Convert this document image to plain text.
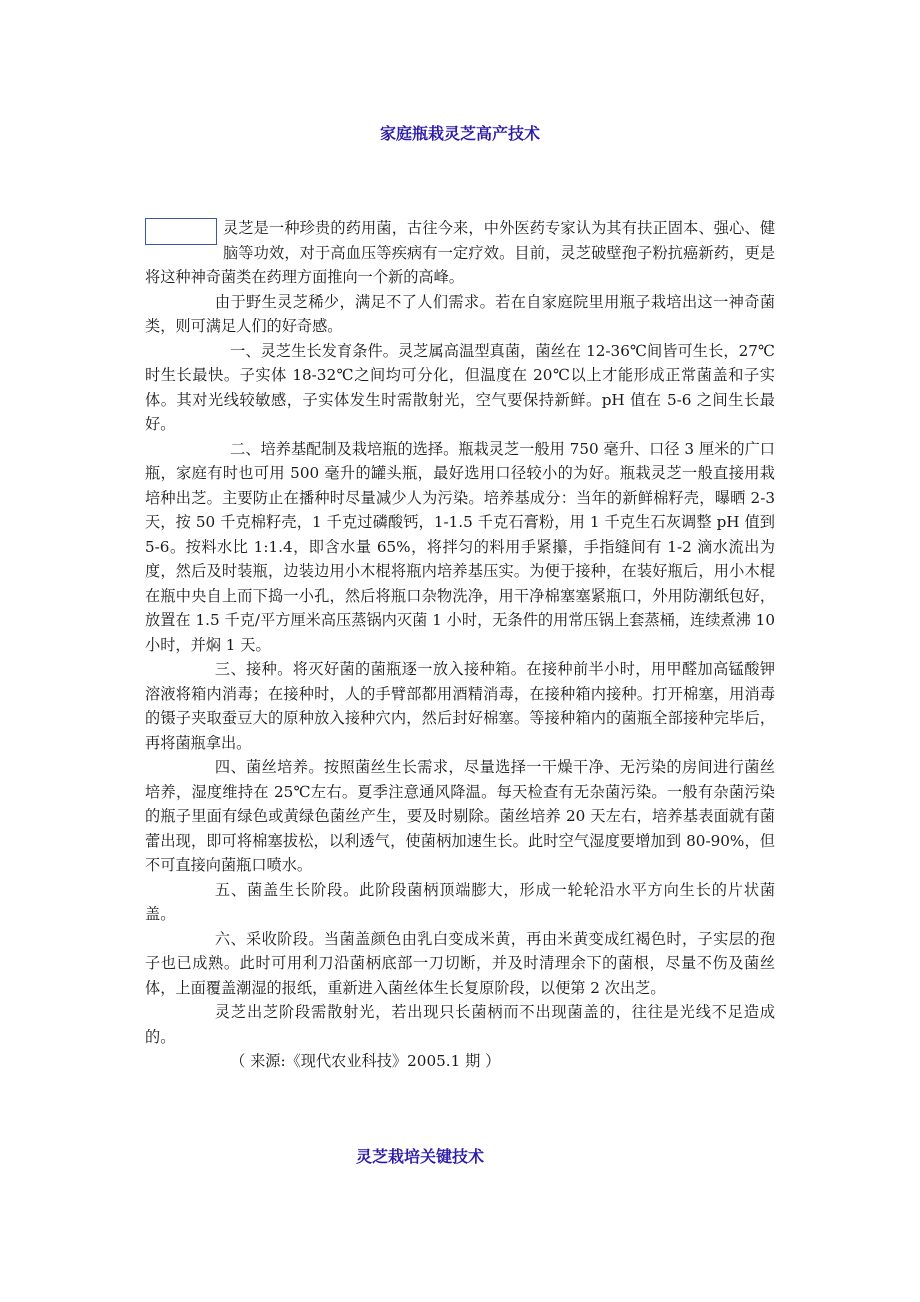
家庭瓶栽灵芝高产技术

灵芝是一种珍贵的药用菌，古往今来，中外医药专家认为其有扶正固本、强心、健脑等功效，对于高血压等疾病有一定疗效。目前，灵芝破壁孢子粉抗癌新药，更是将这种神奇菌类在药理方面推向一个新的高峰。

由于野生灵芝稀少，满足不了人们需求。若在自家庭院里用瓶子栽培出这一神奇菌类，则可满足人们的好奇感。

一、灵芝生长发育条件。灵芝属高温型真菌，菌丝在 12-36℃间皆可生长，27℃时生长最快。子实体 18-32℃之间均可分化，但温度在 20℃以上才能形成正常菌盖和子实体。其对光线较敏感，子实体发生时需散射光，空气要保持新鲜。pH 值在 5-6 之间生长最好。

二、培养基配制及栽培瓶的选择。瓶栽灵芝一般用 750 毫升、口径 3 厘米的广口瓶，家庭有时也可用 500 毫升的罐头瓶，最好选用口径较小的为好。瓶栽灵芝一般直接用栽培种出芝。主要防止在播种时尽量减少人为污染。培养基成分：当年的新鲜棉籽壳，曝晒 2-3 天，按 50 千克棉籽壳，1 千克过磷酸钙，1-1.5 千克石膏粉，用 1 千克生石灰调整 pH 值到 5-6。按料水比 1:1.4，即含水量 65%，将拌匀的料用手紧攥，手指缝间有 1-2 滴水流出为度，然后及时装瓶，边装边用小木棍将瓶内培养基压实。为便于接种，在装好瓶后，用小木棍在瓶中央自上而下捣一小孔，然后将瓶口杂物洗净，用干净棉塞塞紧瓶口，外用防潮纸包好，放置在 1.5 千克/平方厘米高压蒸锅内灭菌 1 小时，无条件的用常压锅上套蒸桶，连续煮沸 10 小时，并焖 1 天。

三、接种。将灭好菌的菌瓶逐一放入接种箱。在接种前半小时，用甲醛加高锰酸钾溶液将箱内消毒；在接种时，人的手臂部都用酒精消毒，在接种箱内接种。打开棉塞，用消毒的镊子夹取蚕豆大的原种放入接种穴内，然后封好棉塞。等接种箱内的菌瓶全部接种完毕后，再将菌瓶拿出。

四、菌丝培养。按照菌丝生长需求，尽量选择一干燥干净、无污染的房间进行菌丝培养，湿度维持在 25℃左右。夏季注意通风降温。每天检查有无杂菌污染。一般有杂菌污染的瓶子里面有绿色或黄绿色菌丝产生，要及时剔除。菌丝培养 20 天左右，培养基表面就有菌蕾出现，即可将棉塞拔松，以利透气，使菌柄加速生长。此时空气湿度要增加到 80-90%，但不可直接向菌瓶口喷水。

五、菌盖生长阶段。此阶段菌柄顶端膨大，形成一轮轮沿水平方向生长的片状菌盖。

六、采收阶段。当菌盖颜色由乳白变成米黄，再由米黄变成红褐色时，子实层的孢子也已成熟。此时可用利刀沿菌柄底部一刀切断，并及时清理余下的菌根，尽量不伤及菌丝体，上面覆盖潮湿的报纸，重新进入菌丝体生长复原阶段，以便第 2 次出芝。

灵芝出芝阶段需散射光，若出现只长菌柄而不出现菌盖的，往往是光线不足造成的。

（ 来源:《现代农业科技》2005.1 期 ）

灵芝栽培关键技术
